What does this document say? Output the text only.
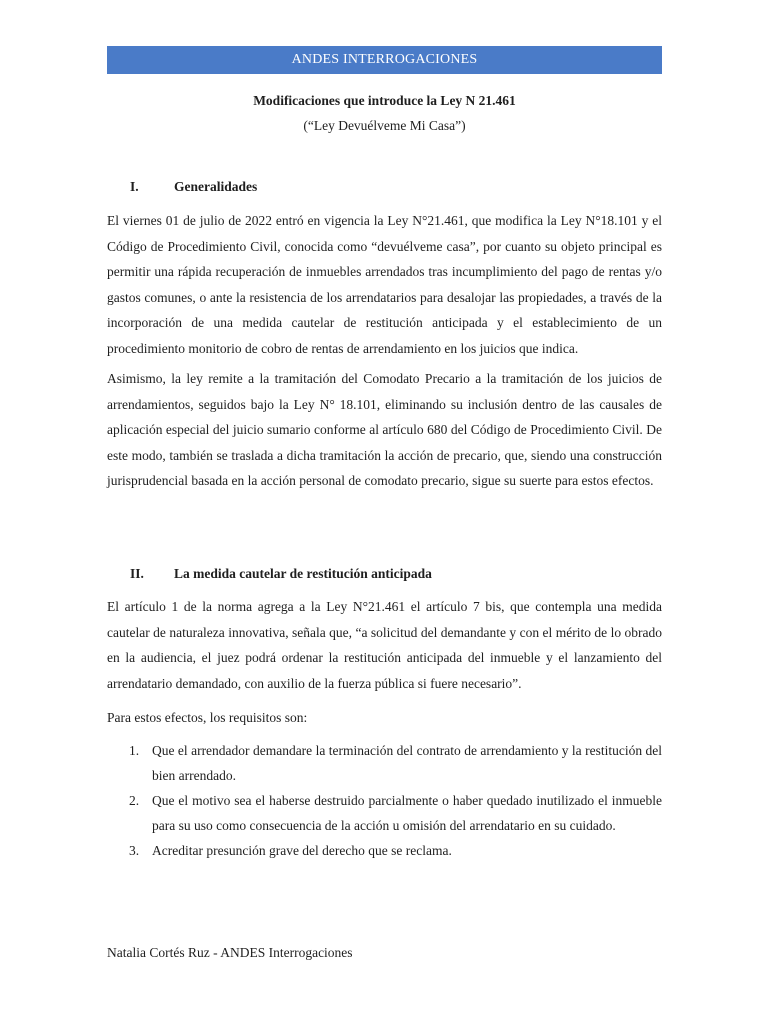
ANDES INTERROGACIONES
Modificaciones que introduce la Ley N 21.461
(“Ley Devuélveme Mi Casa”)
I.	Generalidades

El viernes 01 de julio de 2022 entró en vigencia la Ley N°21.461, que modifica la Ley N°18.101 y el Código de Procedimiento Civil, conocida como “devuélveme casa”, por cuanto su objeto principal es permitir una rápida recuperación de inmuebles arrendados tras incumplimiento del pago de rentas y/o gastos comunes, o ante la resistencia de los arrendatarios para desalojar las propiedades, a través de la incorporación de una medida cautelar de restitución anticipada y el establecimiento de un procedimiento monitorio de cobro de rentas de arrendamiento en los juicios que indica.

Asimismo, la ley remite a la tramitación del Comodato Precario a la tramitación de los juicios de arrendamientos, seguidos bajo la Ley N° 18.101, eliminando su inclusión dentro de las causales de aplicación especial del juicio sumario conforme al artículo 680 del Código de Procedimiento Civil. De este modo, también se traslada a dicha tramitación la acción de precario, que, siendo una construcción jurisprudencial basada en la acción personal de comodato precario, sigue su suerte para estos efectos.

II. La medida cautelar de restitución anticipada

El artículo 1 de la norma agrega a la Ley N°21.461 el artículo 7 bis, que contempla una medida cautelar de naturaleza innovativa, señala que, “a solicitud del demandante y con el mérito de lo obrado en la audiencia, el juez podrá ordenar la restitución anticipada del inmueble y el lanzamiento del arrendatario demandado, con auxilio de la fuerza pública si fuere necesario”.

Para estos efectos, los requisitos son:

1. Que el arrendador demandare la terminación del contrato de arrendamiento y la restitución del bien arrendado.
2. Que el motivo sea el haberse destruido parcialmente o haber quedado inutilizado el inmueble para su uso como consecuencia de la acción u omisión del arrendatario en su cuidado.
3. Acreditar presunción grave del derecho que se reclama.
Natalia Cortés Ruz - ANDES Interrogaciones
